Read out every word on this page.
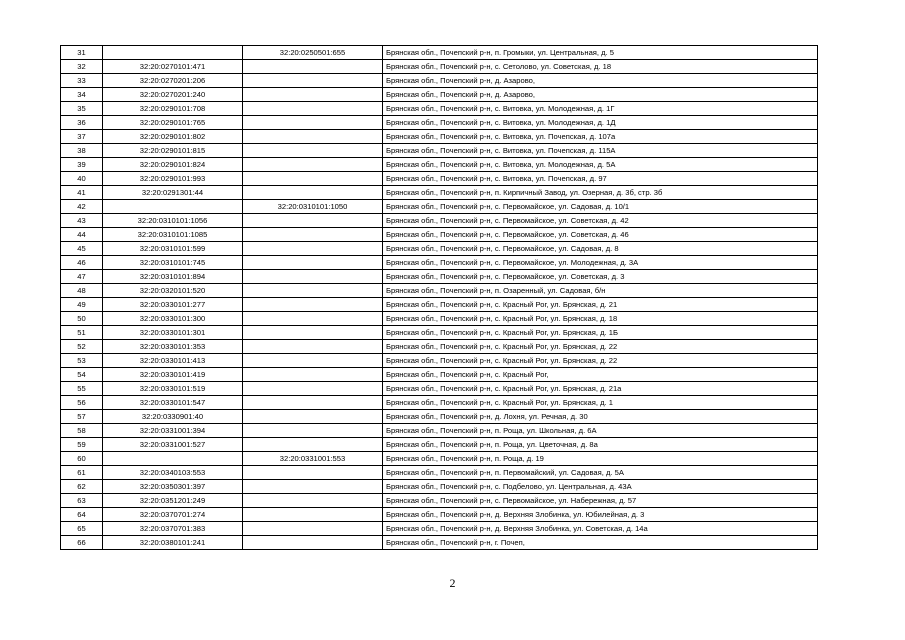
31		32:20:0250501:655	Брянская обл., Почепский р-н, п. Громыки, ул. Центральная, д. 5
32	32:20:0270101:471		Брянская обл., Почепский р-н, с. Сетолово, ул. Советская, д. 18
33	32:20:0270201:206		Брянская обл., Почепский р-н, д. Азарово,
34	32:20:0270201:240		Брянская обл., Почепский р-н, д. Азарово,
35	32:20:0290101:708		Брянская обл., Почепский р-н, с. Витовка, ул. Молодежная, д. 1Г
36	32:20:0290101:765		Брянская обл., Почепский р-н, с. Витовка, ул. Молодежная, д. 1Д
37	32:20:0290101:802		Брянская обл., Почепский р-н, с. Витовка, ул. Почепская, д. 107а
38	32:20:0290101:815		Брянская обл., Почепский р-н, с. Витовка, ул. Почепская, д. 115А
39	32:20:0290101:824		Брянская обл., Почепский р-н, с. Витовка, ул. Молодежная, д. 5А
40	32:20:0290101:993		Брянская обл., Почепский р-н, с. Витовка, ул. Почепская, д. 97
41	32:20:0291301:44		Брянская обл., Почепский р-н, п. Кирпичный Завод, ул. Озерная, д. 3б, стр. 3б
42		32:20:0310101:1050	Брянская обл., Почепский р-н, с. Первомайское, ул. Садовая, д. 10/1
43	32:20:0310101:1056		Брянская обл., Почепский р-н, с. Первомайское, ул. Советская, д. 42
44	32:20:0310101:1085		Брянская обл., Почепский р-н, с. Первомайское, ул. Советская, д. 46
45	32:20:0310101:599		Брянская обл., Почепский р-н, с. Первомайское, ул. Садовая, д. 8
46	32:20:0310101:745		Брянская обл., Почепский р-н, с. Первомайское, ул. Молодежная, д. 3А
47	32:20:0310101:894		Брянская обл., Почепский р-н, с. Первомайское, ул. Советская, д. 3
48	32:20:0320101:520		Брянская обл., Почепский р-н, п. Озаренный, ул. Садовая, б/н
49	32:20:0330101:277		Брянская обл., Почепский р-н, с. Красный Рог, ул. Брянская, д. 21
50	32:20:0330101:300		Брянская обл., Почепский р-н, с. Красный Рог, ул. Брянская, д. 18
51	32:20:0330101:301		Брянская обл., Почепский р-н, с. Красный Рог, ул. Брянская, д. 1Б
52	32:20:0330101:353		Брянская обл., Почепский р-н, с. Красный Рог, ул. Брянская, д. 22
53	32:20:0330101:413		Брянская обл., Почепский р-н, с. Красный Рог, ул. Брянская, д. 22
54	32:20:0330101:419		Брянская обл., Почепский р-н, с. Красный Рог,
55	32:20:0330101:519		Брянская обл., Почепский р-н, с. Красный Рог, ул. Брянская, д. 21а
56	32:20:0330101:547		Брянская обл., Почепский р-н, с. Красный Рог, ул. Брянская, д. 1
57	32:20:0330901:40		Брянская обл., Почепский р-н, д. Лохня, ул. Речная, д. 30
58	32:20:0331001:394		Брянская обл., Почепский р-н, п. Роща, ул. Школьная, д. 6А
59	32:20:0331001:527		Брянская обл., Почепский р-н, п. Роща, ул. Цветочная, д. 8а
60		32:20:0331001:553	Брянская обл., Почепский р-н, п. Роща, д. 19
61	32:20:0340103:553		Брянская обл., Почепский р-н, п. Первомайский, ул. Садовая, д. 5А
62	32:20:0350301:397		Брянская обл., Почепский р-н, с. Подбелово, ул. Центральная, д. 43А
63	32:20:0351201:249		Брянская обл., Почепский р-н, с. Первомайское, ул. Набережная, д. 57
64	32:20:0370701:274		Брянская обл., Почепский р-н, д. Верхняя Злобинка, ул. Юбилейная, д. 3
65	32:20:0370701:383		Брянская обл., Почепский р-н, д. Верхняя Злобинка, ул. Советская, д. 14а
66	32:20:0380101:241		Брянская обл., Почепский р-н, г. Почеп,
2
